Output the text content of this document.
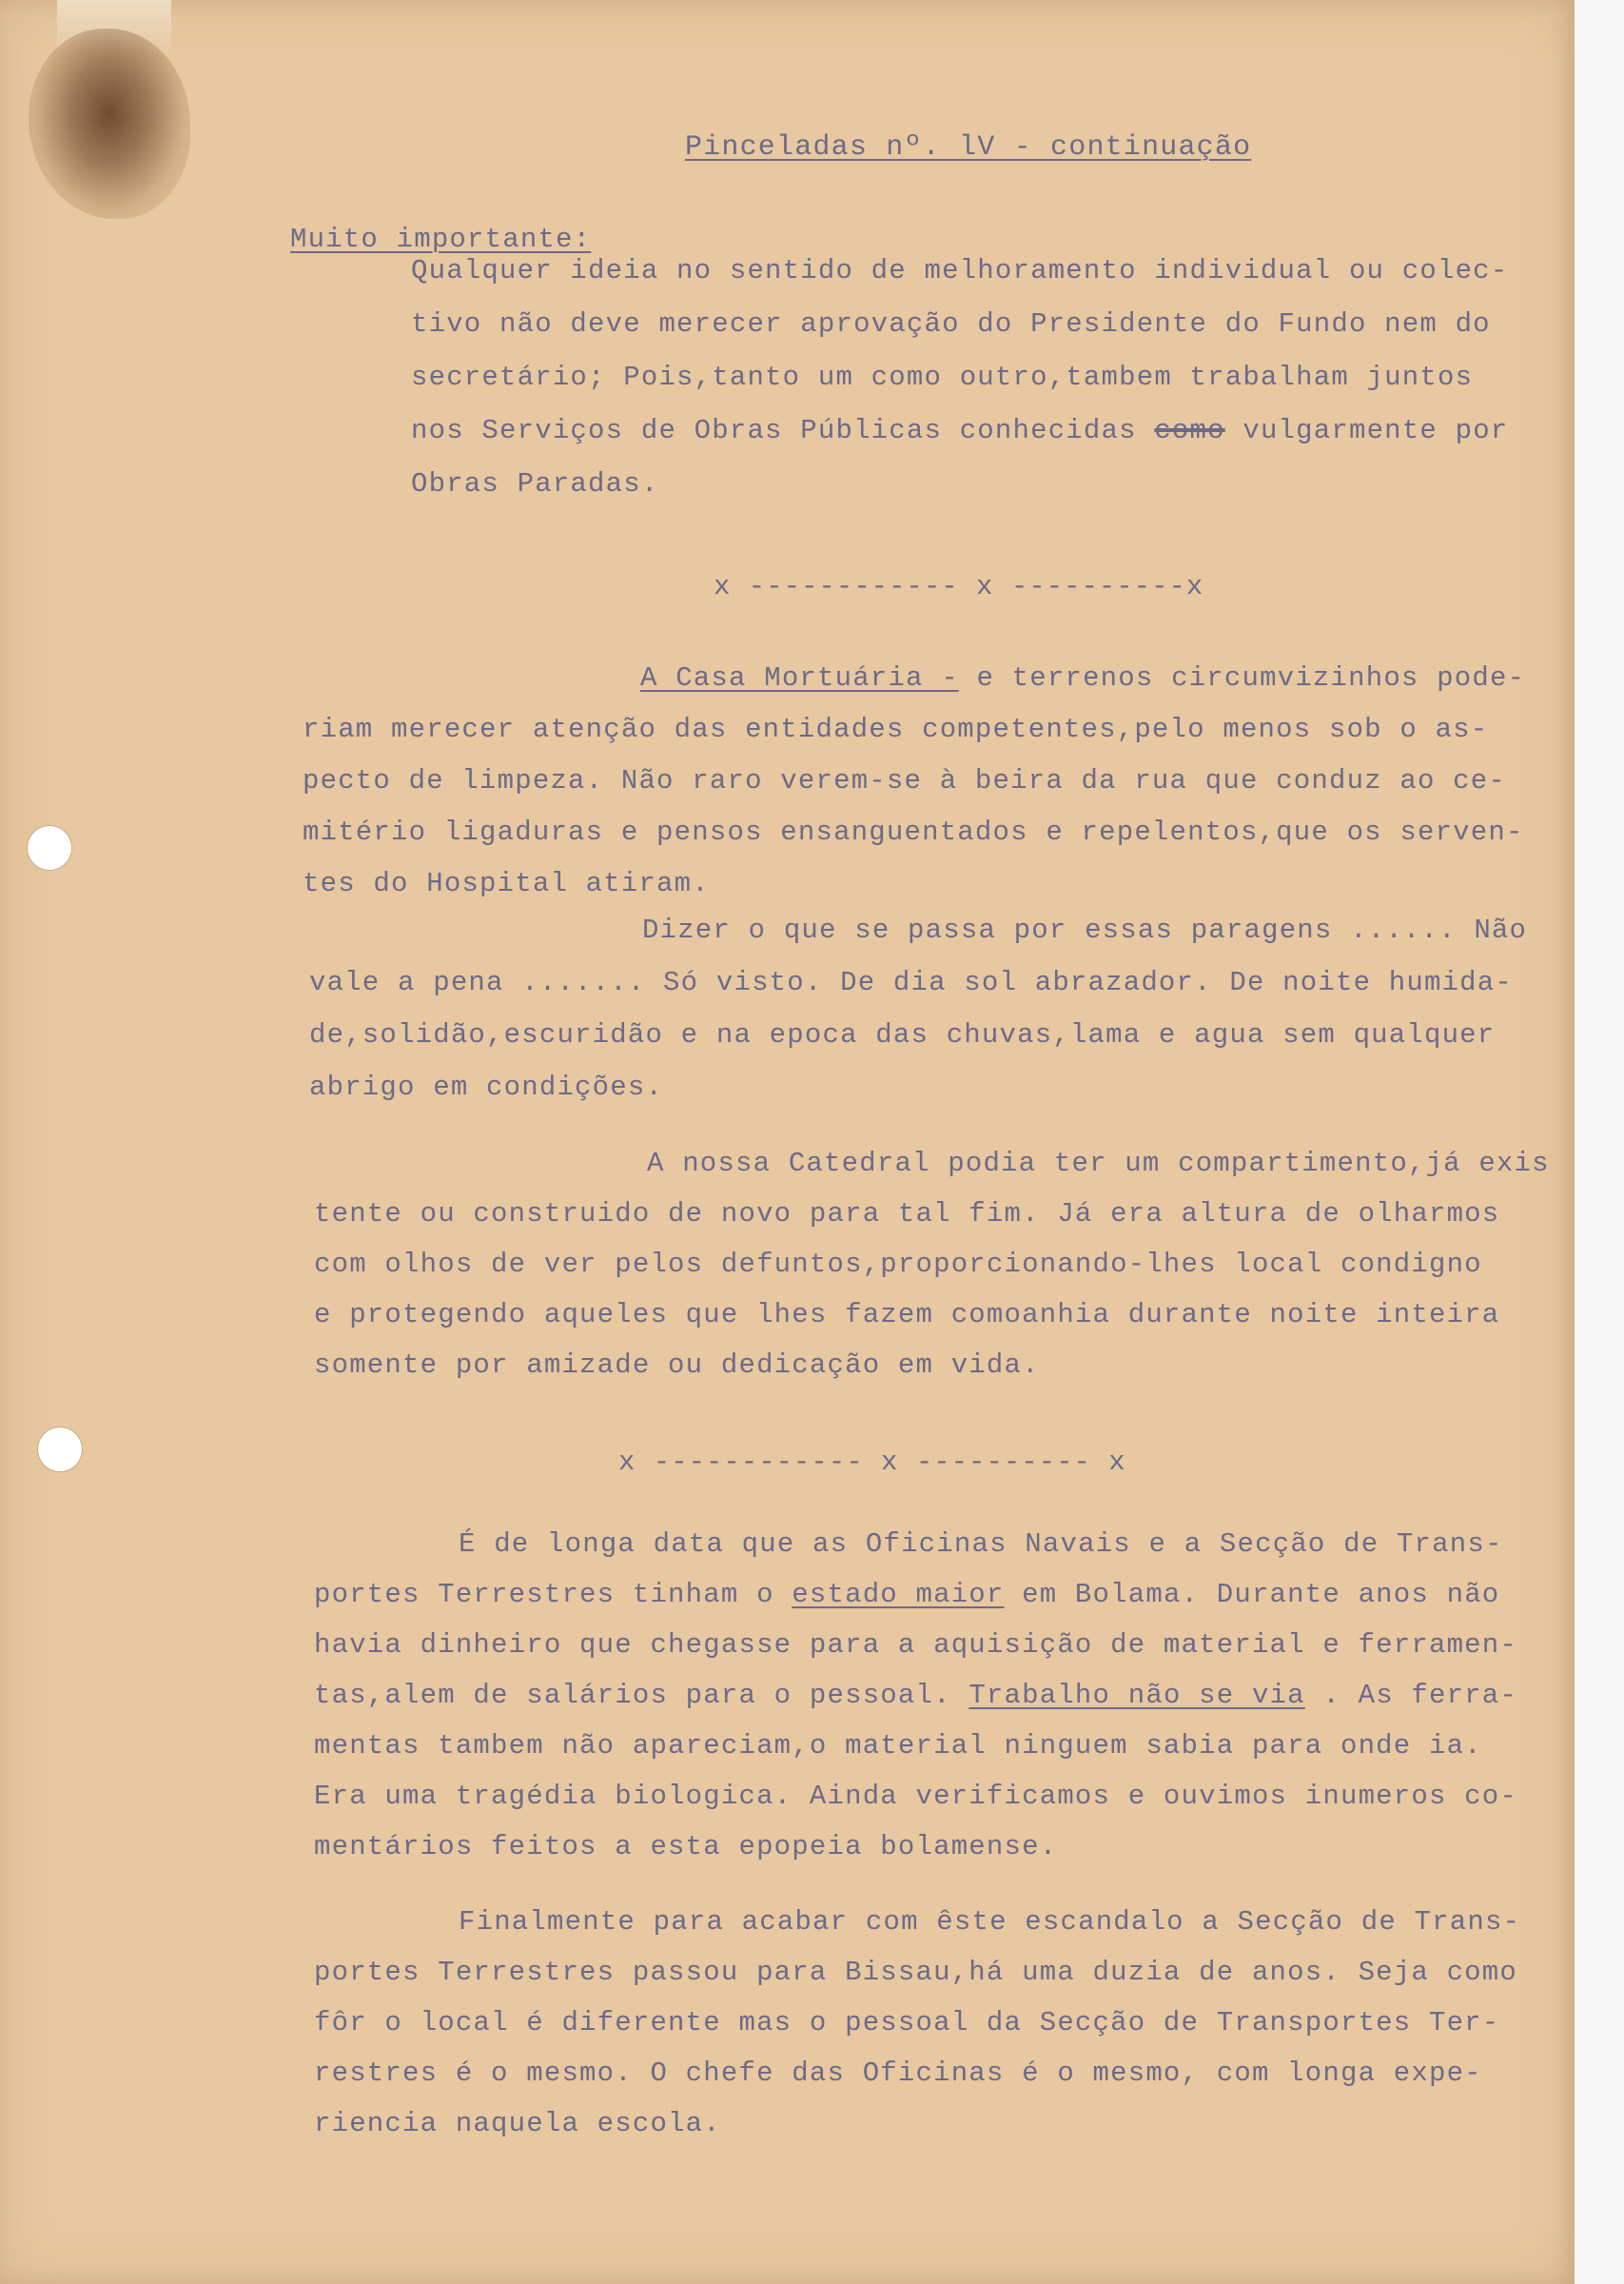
Pinceladas nº. lV - continuação
Muito importante:
Qualquer ideia no sentido de melhoramento individual ou colec-
tivo não deve merecer aprovação do Presidente do Fundo nem do
secretário; Pois,tanto um como outro,tambem trabalham juntos
nos Serviços de Obras Públicas conhecidas como vulgarmente por
Obras Paradas.
x ------------ x ----------x
A Casa Mortuária - e terrenos circumvizinhos pode-
riam merecer atenção das entidades competentes,pelo menos sob o as-
pecto de limpeza. Não raro verem-se à beira da rua que conduz ao ce-
mitério ligaduras e pensos ensanguentados e repelentos,que os serven-
tes do Hospital atiram.
Dizer o que se passa por essas paragens ...... Não
vale a pena ....... Só visto. De dia sol abrazador. De noite humida-
de,solidão,escuridão e na epoca das chuvas,lama e agua sem qualquer
abrigo em condições.
A nossa Catedral podia ter um compartimento,já exis
tente ou construido de novo para tal fim. Já era altura de olharmos
com olhos de ver pelos defuntos,proporcionando-lhes local condigno
e protegendo aqueles que lhes fazem comoanhia durante noite inteira
somente por amizade ou dedicação em vida.
x ------------ x ---------- x
É de longa data que as Oficinas Navais e a Secção de Trans-
portes Terrestres tinham o estado maior em Bolama. Durante anos não
havia dinheiro que chegasse para a aquisição de material e ferramen-
tas,alem de salários para o pessoal. Trabalho não se via . As ferra-
mentas tambem não apareciam,o material ninguem sabia para onde ia.
Era uma tragédia biologica. Ainda verificamos e ouvimos inumeros co-
mentários feitos a esta epopeia bolamense.
Finalmente para acabar com êste escandalo a Secção de Trans-
portes Terrestres passou para Bissau,há uma duzia de anos. Seja como
fôr o local é diferente mas o pessoal da Secção de Transportes Ter-
restres é o mesmo. O chefe das Oficinas é o mesmo, com longa expe-
riencia naquela escola.
